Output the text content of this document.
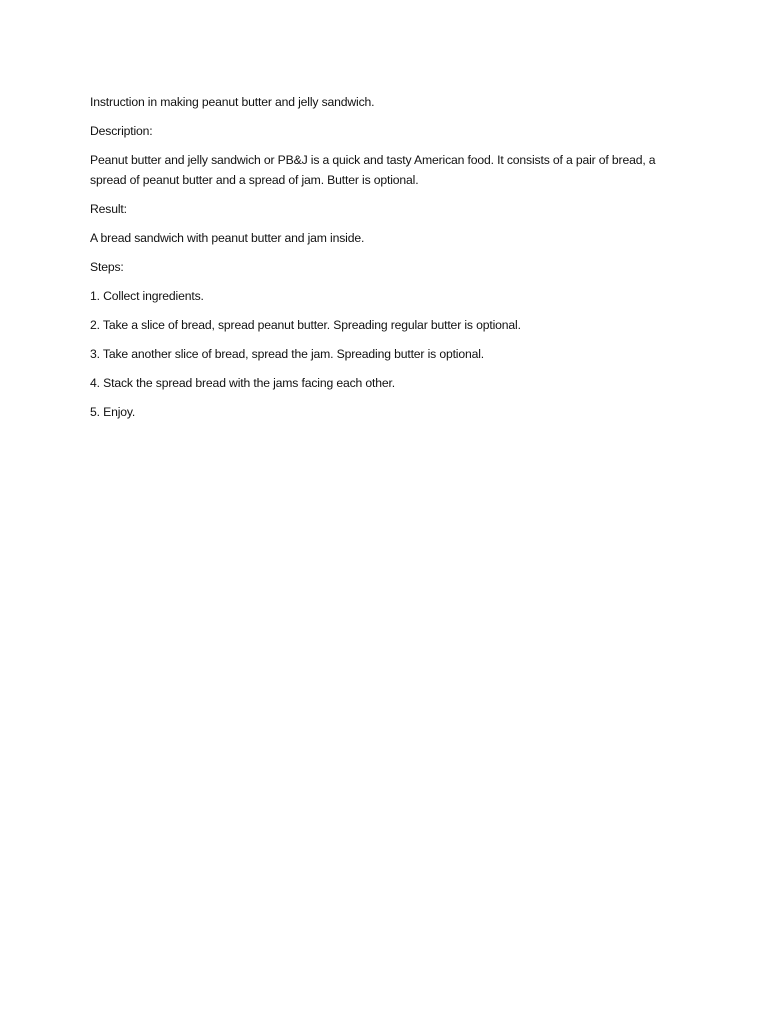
Instruction in making peanut butter and jelly sandwich.

Description:

Peanut butter and jelly sandwich or PB&J is a quick and tasty American food. It consists of a pair of bread, a spread of peanut butter and a spread of jam. Butter is optional.

Result:

A bread sandwich with peanut butter and jam inside.

Steps:

1. Collect ingredients.

2. Take a slice of bread, spread peanut butter. Spreading regular butter is optional.

3. Take another slice of bread, spread the jam. Spreading butter is optional.

4. Stack the spread bread with the jams facing each other.

5. Enjoy.
